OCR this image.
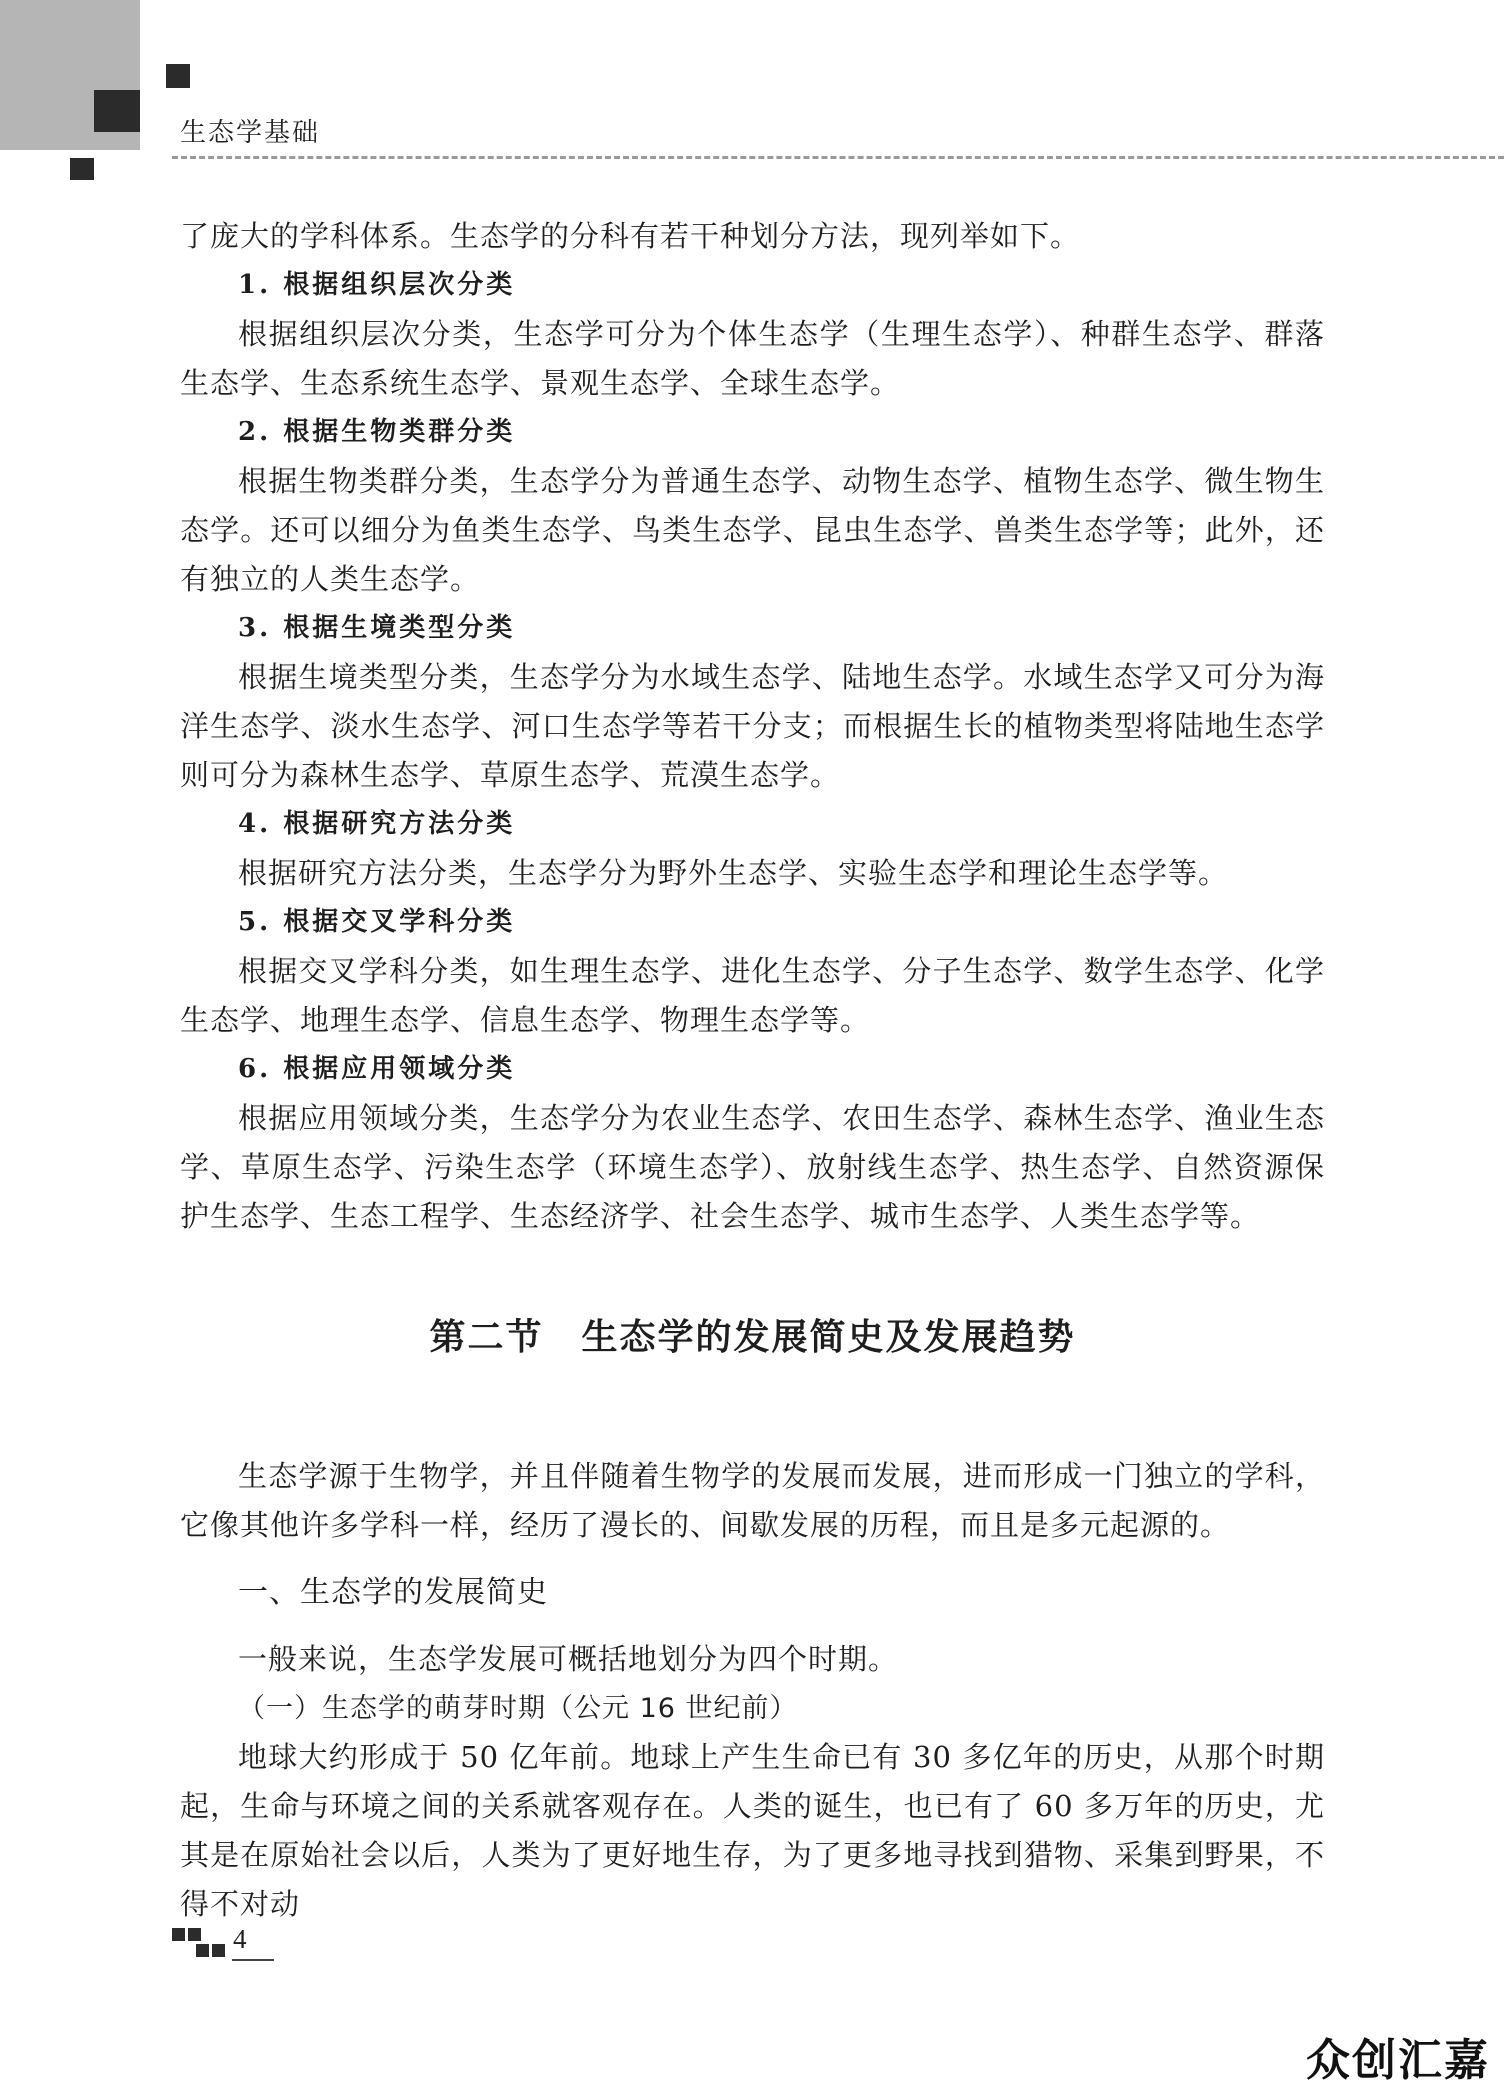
生态学基础

了庞大的学科体系。生态学的分科有若干种划分方法，现列举如下。

1. 根据组织层次分类

根据组织层次分类，生态学可分为个体生态学（生理生态学）、种群生态学、群落生态学、生态系统生态学、景观生态学、全球生态学。

2. 根据生物类群分类

根据生物类群分类，生态学分为普通生态学、动物生态学、植物生态学、微生物生态学。还可以细分为鱼类生态学、鸟类生态学、昆虫生态学、兽类生态学等；此外，还有独立的人类生态学。

3. 根据生境类型分类

根据生境类型分类，生态学分为水域生态学、陆地生态学。水域生态学又可分为海洋生态学、淡水生态学、河口生态学等若干分支；而根据生长的植物类型将陆地生态学则可分为森林生态学、草原生态学、荒漠生态学。

4. 根据研究方法分类

根据研究方法分类，生态学分为野外生态学、实验生态学和理论生态学等。

5. 根据交叉学科分类

根据交叉学科分类，如生理生态学、进化生态学、分子生态学、数学生态学、化学生态学、地理生态学、信息生态学、物理生态学等。

6. 根据应用领域分类

根据应用领域分类，生态学分为农业生态学、农田生态学、森林生态学、渔业生态学、草原生态学、污染生态学（环境生态学）、放射线生态学、热生态学、自然资源保护生态学、生态工程学、生态经济学、社会生态学、城市生态学、人类生态学等。

第二节　生态学的发展简史及发展趋势

生态学源于生物学，并且伴随着生物学的发展而发展，进而形成一门独立的学科，它像其他许多学科一样，经历了漫长的、间歇发展的历程，而且是多元起源的。

一、生态学的发展简史

一般来说，生态学发展可概括地划分为四个时期。

（一）生态学的萌芽时期（公元 16 世纪前）

地球大约形成于 50 亿年前。地球上产生生命已有 30 多亿年的历史，从那个时期起，生命与环境之间的关系就客观存在。人类的诞生，也已有了 60 多万年的历史，尤其是在原始社会以后，人类为了更好地生存，为了更多地寻找到猎物、采集到野果，不得不对动

4
众创汇嘉
